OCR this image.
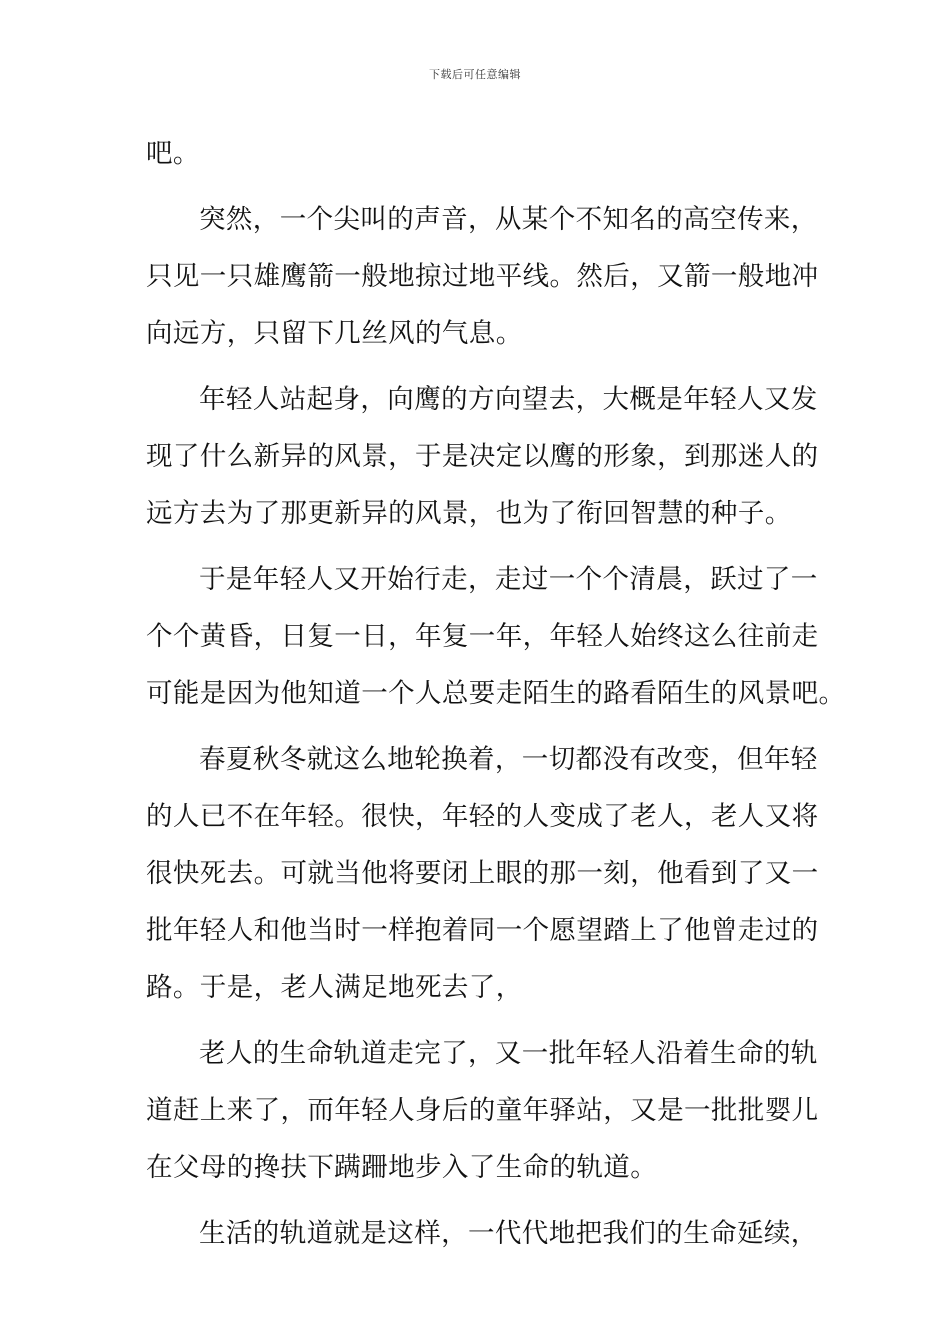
下载后可任意编辑
吧。
突然，一个尖叫的声音，从某个不知名的高空传来，
只见一只雄鹰箭一般地掠过地平线。然后，又箭一般地冲
向远方，只留下几丝风的气息。
年轻人站起身，向鹰的方向望去，大概是年轻人又发
现了什么新异的风景，于是决定以鹰的形象，到那迷人的
远方去为了那更新异的风景，也为了衔回智慧的种子。
于是年轻人又开始行走，走过一个个清晨，跃过了一
个个黄昏，日复一日，年复一年，年轻人始终这么往前走
可能是因为他知道一个人总要走陌生的路看陌生的风景吧。
春夏秋冬就这么地轮换着，一切都没有改变，但年轻
的人已不在年轻。很快，年轻的人变成了老人，老人又将
很快死去。可就当他将要闭上眼的那一刻，他看到了又一
批年轻人和他当时一样抱着同一个愿望踏上了他曾走过的
路。于是，老人满足地死去了，
老人的生命轨道走完了，又一批年轻人沿着生命的轨
道赶上来了，而年轻人身后的童年驿站，又是一批批婴儿
在父母的搀扶下蹒跚地步入了生命的轨道。
生活的轨道就是这样，一代代地把我们的生命延续，
